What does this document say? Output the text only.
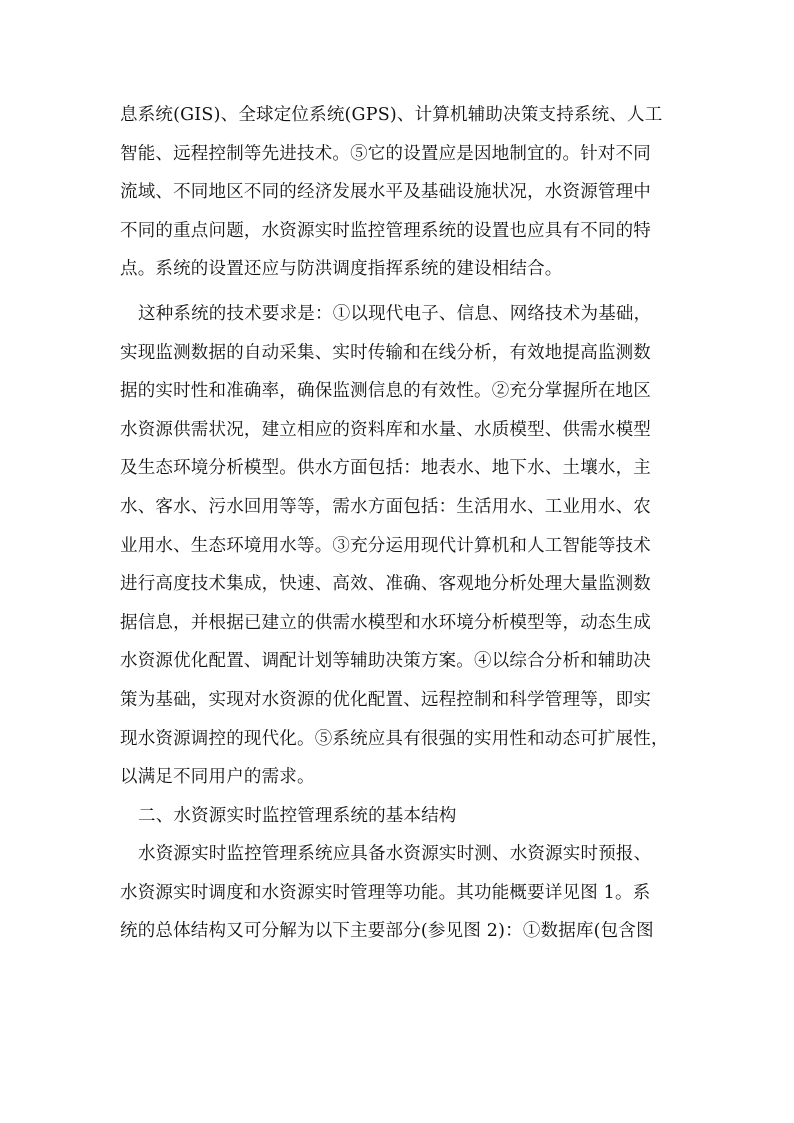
息系统(GIS)、全球定位系统(GPS)、计算机辅助决策支持系统、人工
智能、远程控制等先进技术。⑤它的设置应是因地制宜的。针对不同
流域、不同地区不同的经济发展水平及基础设施状况，水资源管理中
不同的重点问题，水资源实时监控管理系统的设置也应具有不同的特
点。系统的设置还应与防洪调度指挥系统的建设相结合。
这种系统的技术要求是：①以现代电子、信息、网络技术为基础，
实现监测数据的自动采集、实时传输和在线分析，有效地提高监测数
据的实时性和准确率，确保监测信息的有效性。②充分掌握所在地区
水资源供需状况，建立相应的资料库和水量、水质模型、供需水模型
及生态环境分析模型。供水方面包括：地表水、地下水、土壤水，主
水、客水、污水回用等等，需水方面包括：生活用水、工业用水、农
业用水、生态环境用水等。③充分运用现代计算机和人工智能等技术
进行高度技术集成，快速、高效、准确、客观地分析处理大量监测数
据信息，并根据已建立的供需水模型和水环境分析模型等，动态生成
水资源优化配置、调配计划等辅助决策方案。④以综合分析和辅助决
策为基础，实现对水资源的优化配置、远程控制和科学管理等，即实
现水资源调控的现代化。⑤系统应具有很强的实用性和动态可扩展性，
以满足不同用户的需求。
二、水资源实时监控管理系统的基本结构
水资源实时监控管理系统应具备水资源实时测、水资源实时预报、
水资源实时调度和水资源实时管理等功能。其功能概要详见图 1。系
统的总体结构又可分解为以下主要部分(参见图 2)：①数据库(包含图
